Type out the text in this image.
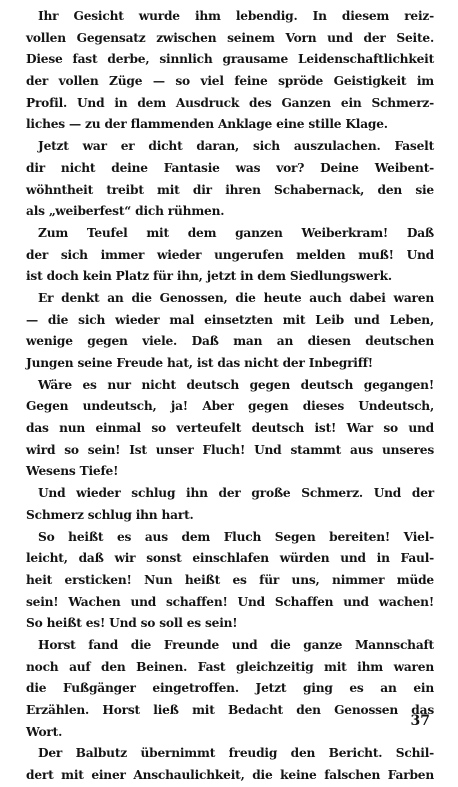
Ihr Gesicht wurde ihm lebendig. In diesem reiz-
vollen Gegensatz zwischen seinem Vorn und der Seite.
Diese fast derbe, sinnlich grausame Leidenschaftlichkeit
der vollen Züge — so viel feine spröde Geistigkeit im
Profil. Und in dem Ausdruck des Ganzen ein Schmerz-
liches — zu der flammenden Anklage eine stille Klage.
Jetzt war er dicht daran, sich auszulachen. Faselt
dir nicht deine Fantasie was vor? Deine Weibent-
wöhntheit treibt mit dir ihren Schabernack, den sie
als „weiberfest“ dich rühmen.
Zum Teufel mit dem ganzen Weiberkram! Daß
der sich immer wieder ungerufen melden muß! Und
ist doch kein Platz für ihn, jetzt in dem Siedlungswerk.
Er denkt an die Genossen, die heute auch dabei waren
— die sich wieder mal einsetzten mit Leib und Leben,
wenige gegen viele. Daß man an diesen deutschen
Jungen seine Freude hat, ist das nicht der Inbegriff!
Wäre es nur nicht deutsch gegen deutsch gegangen!
Gegen undeutsch, ja! Aber gegen dieses Undeutsch,
das nun einmal so verteufelt deutsch ist! War so und
wird so sein! Ist unser Fluch! Und stammt aus unseres
Wesens Tiefe!
Und wieder schlug ihn der große Schmerz. Und der
Schmerz schlug ihn hart.
So heißt es aus dem Fluch Segen bereiten! Viel-
leicht, daß wir sonst einschlafen würden und in Faul-
heit ersticken! Nun heißt es für uns, nimmer müde
sein! Wachen und schaffen! Und Schaffen und wachen!
So heißt es! Und so soll es sein!
Horst fand die Freunde und die ganze Mannschaft
noch auf den Beinen. Fast gleichzeitig mit ihm waren
die Fußgänger eingetroffen. Jetzt ging es an ein
Erzählen. Horst ließ mit Bedacht den Genossen das
Wort.
Der Balbutz übernimmt freudig den Bericht. Schil-
dert mit einer Anschaulichkeit, die keine falschen Farben
37
